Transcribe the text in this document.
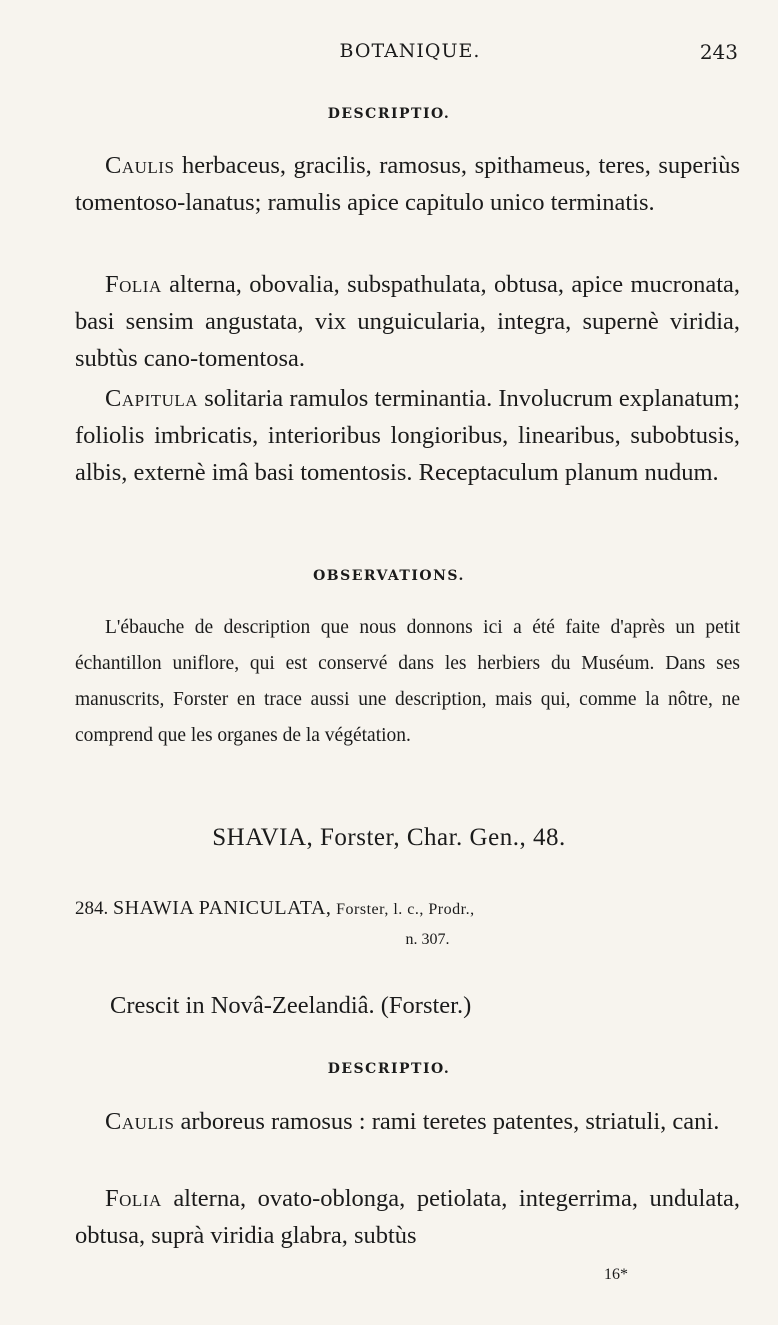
BOTANIQUE.	243
DESCRIPTIO.

Caulis herbaceus, gracilis, ramosus, spithameus, teres, superiùs tomentoso-lanatus; ramulis apice capitulo unico terminatis.

Folia alterna, obovalia, subspathulata, obtusa, apice mucronata, basi sensim angustata, vix unguicularia, integra, supernè viridia, subtùs cano-tomentosa.

Capitula solitaria ramulos terminantia. Involucrum explanatum; foliolis imbricatis, interioribus longioribus, linearibus, subobtusis, albis, externè imâ basi tomentosis. Receptaculum planum nudum.

OBSERVATIONS.

L'ébauche de description que nous donnons ici a été faite d'après un petit échantillon uniflore, qui est conservé dans les herbiers du Muséum. Dans ses manuscrits, Forster en trace aussi une description, mais qui, comme la nôtre, ne comprend que les organes de la végétation.

SHAVIA, Forster, Char. Gen., 48.
284. SHAWIA PANICULATA, Forster, l. c., Prodr.,
n. 307.
Crescit in Novâ-Zeelandiâ. (Forster.)
DESCRIPTIO.

Caulis arboreus ramosus : rami teretes patentes, striatuli, cani.

Folia alterna, ovato-oblonga, petiolata, integerrima, undulata, obtusa, suprà viridia glabra, subtùs

16*
